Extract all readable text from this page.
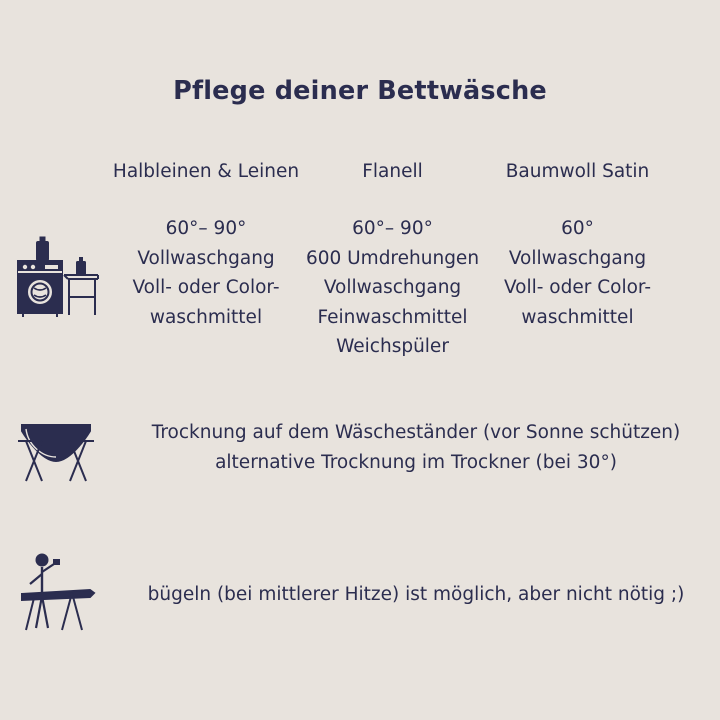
Pflege deiner Bettwäsche
Halbleinen & Leinen
60°– 90°
Vollwaschgang
Voll- oder Color-
waschmittel
Flanell
60°– 90°
600 Umdrehungen
Vollwaschgang
Feinwaschmittel
Weichspüler
Baumwoll Satin
60°
Vollwaschgang
Voll- oder Color-
waschmittel
Trocknung auf dem Wäscheständer (vor Sonne schützen)
alternative Trocknung im Trockner (bei 30°)
bügeln (bei mittlerer Hitze) ist möglich, aber nicht nötig ;)
